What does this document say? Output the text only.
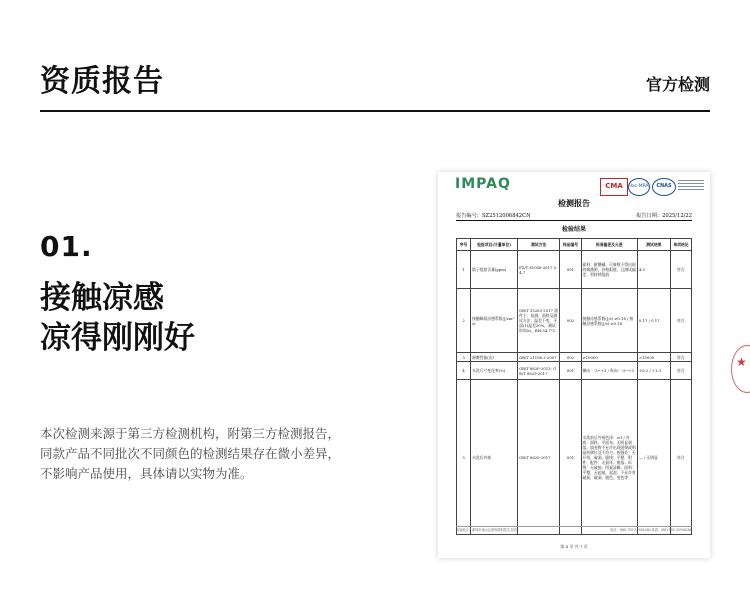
资质报告	官方检测
01.
接触凉感
凉得刚刚好
本次检测来源于第三方检测机构，附第三方检测报告，
同款产品不同批次不同颜色的检测结果存在微小差异，
不影响产品使用，具体请以实物为准。
IMPAQ	CMA	ilac-MRA	CNAS
检测报告
报告编号：SZ2512006842CN	报告日期：2025/12/22
检验结果
序号	检验项目(计量单位)	测试方法	样品编号	标准偏差及允差	测试结果	单项结论
1	镭子组胺含量(ppm)	FZ/T 81006-2017 5.4.7	001	面料：耐酸碱、可参数不得出现的刺激源，价格限值，且测试偏差、须持续限值	4.5	符合
2	接触瞬间凉感系数(J/cm²·s)	GB/T 35263-2017 器件主：检测，面料及测试方法：温差不变，平面(1)温差30%，测试时间5s，RH:34.7°C	002	接触凉感系数(J/s) ≥0.18 / 接触凉感系数(J/s) ≥0.18	0.17 / 0.17	符合
3	耐磨性能(次)	GB/T 21196.2-2007	002	≥10000	>10000	符合
4	水洗尺寸变化率(%)	GB/T 8630-2013; GB/T 8629-2017	001	横向：-3~+3 / 纵向：-3~+3	+0.2 / +1.3	符合
5	水洗后外观	GB/T 8629-2017	001	水洗前后外观色泽：≥3 / 外观：面料、平面布、无明显剥落，填充物不允许出现团聚或明显的移位及不均匀，接缝处：无开线、破洞，缝线：平整，附件、配件：无损坏、脱落；标签：无破损、图案清晰，面料：平整，无起皱、起泡、不允许有破损、破洞、脱色、变色等	— / 无明显	符合
检验地点：深圳市南山区深圳湾科技生态园	电话：(86) 755 33936286 传真：(86) 755 33936286
第 4 页 共 7 页
★
